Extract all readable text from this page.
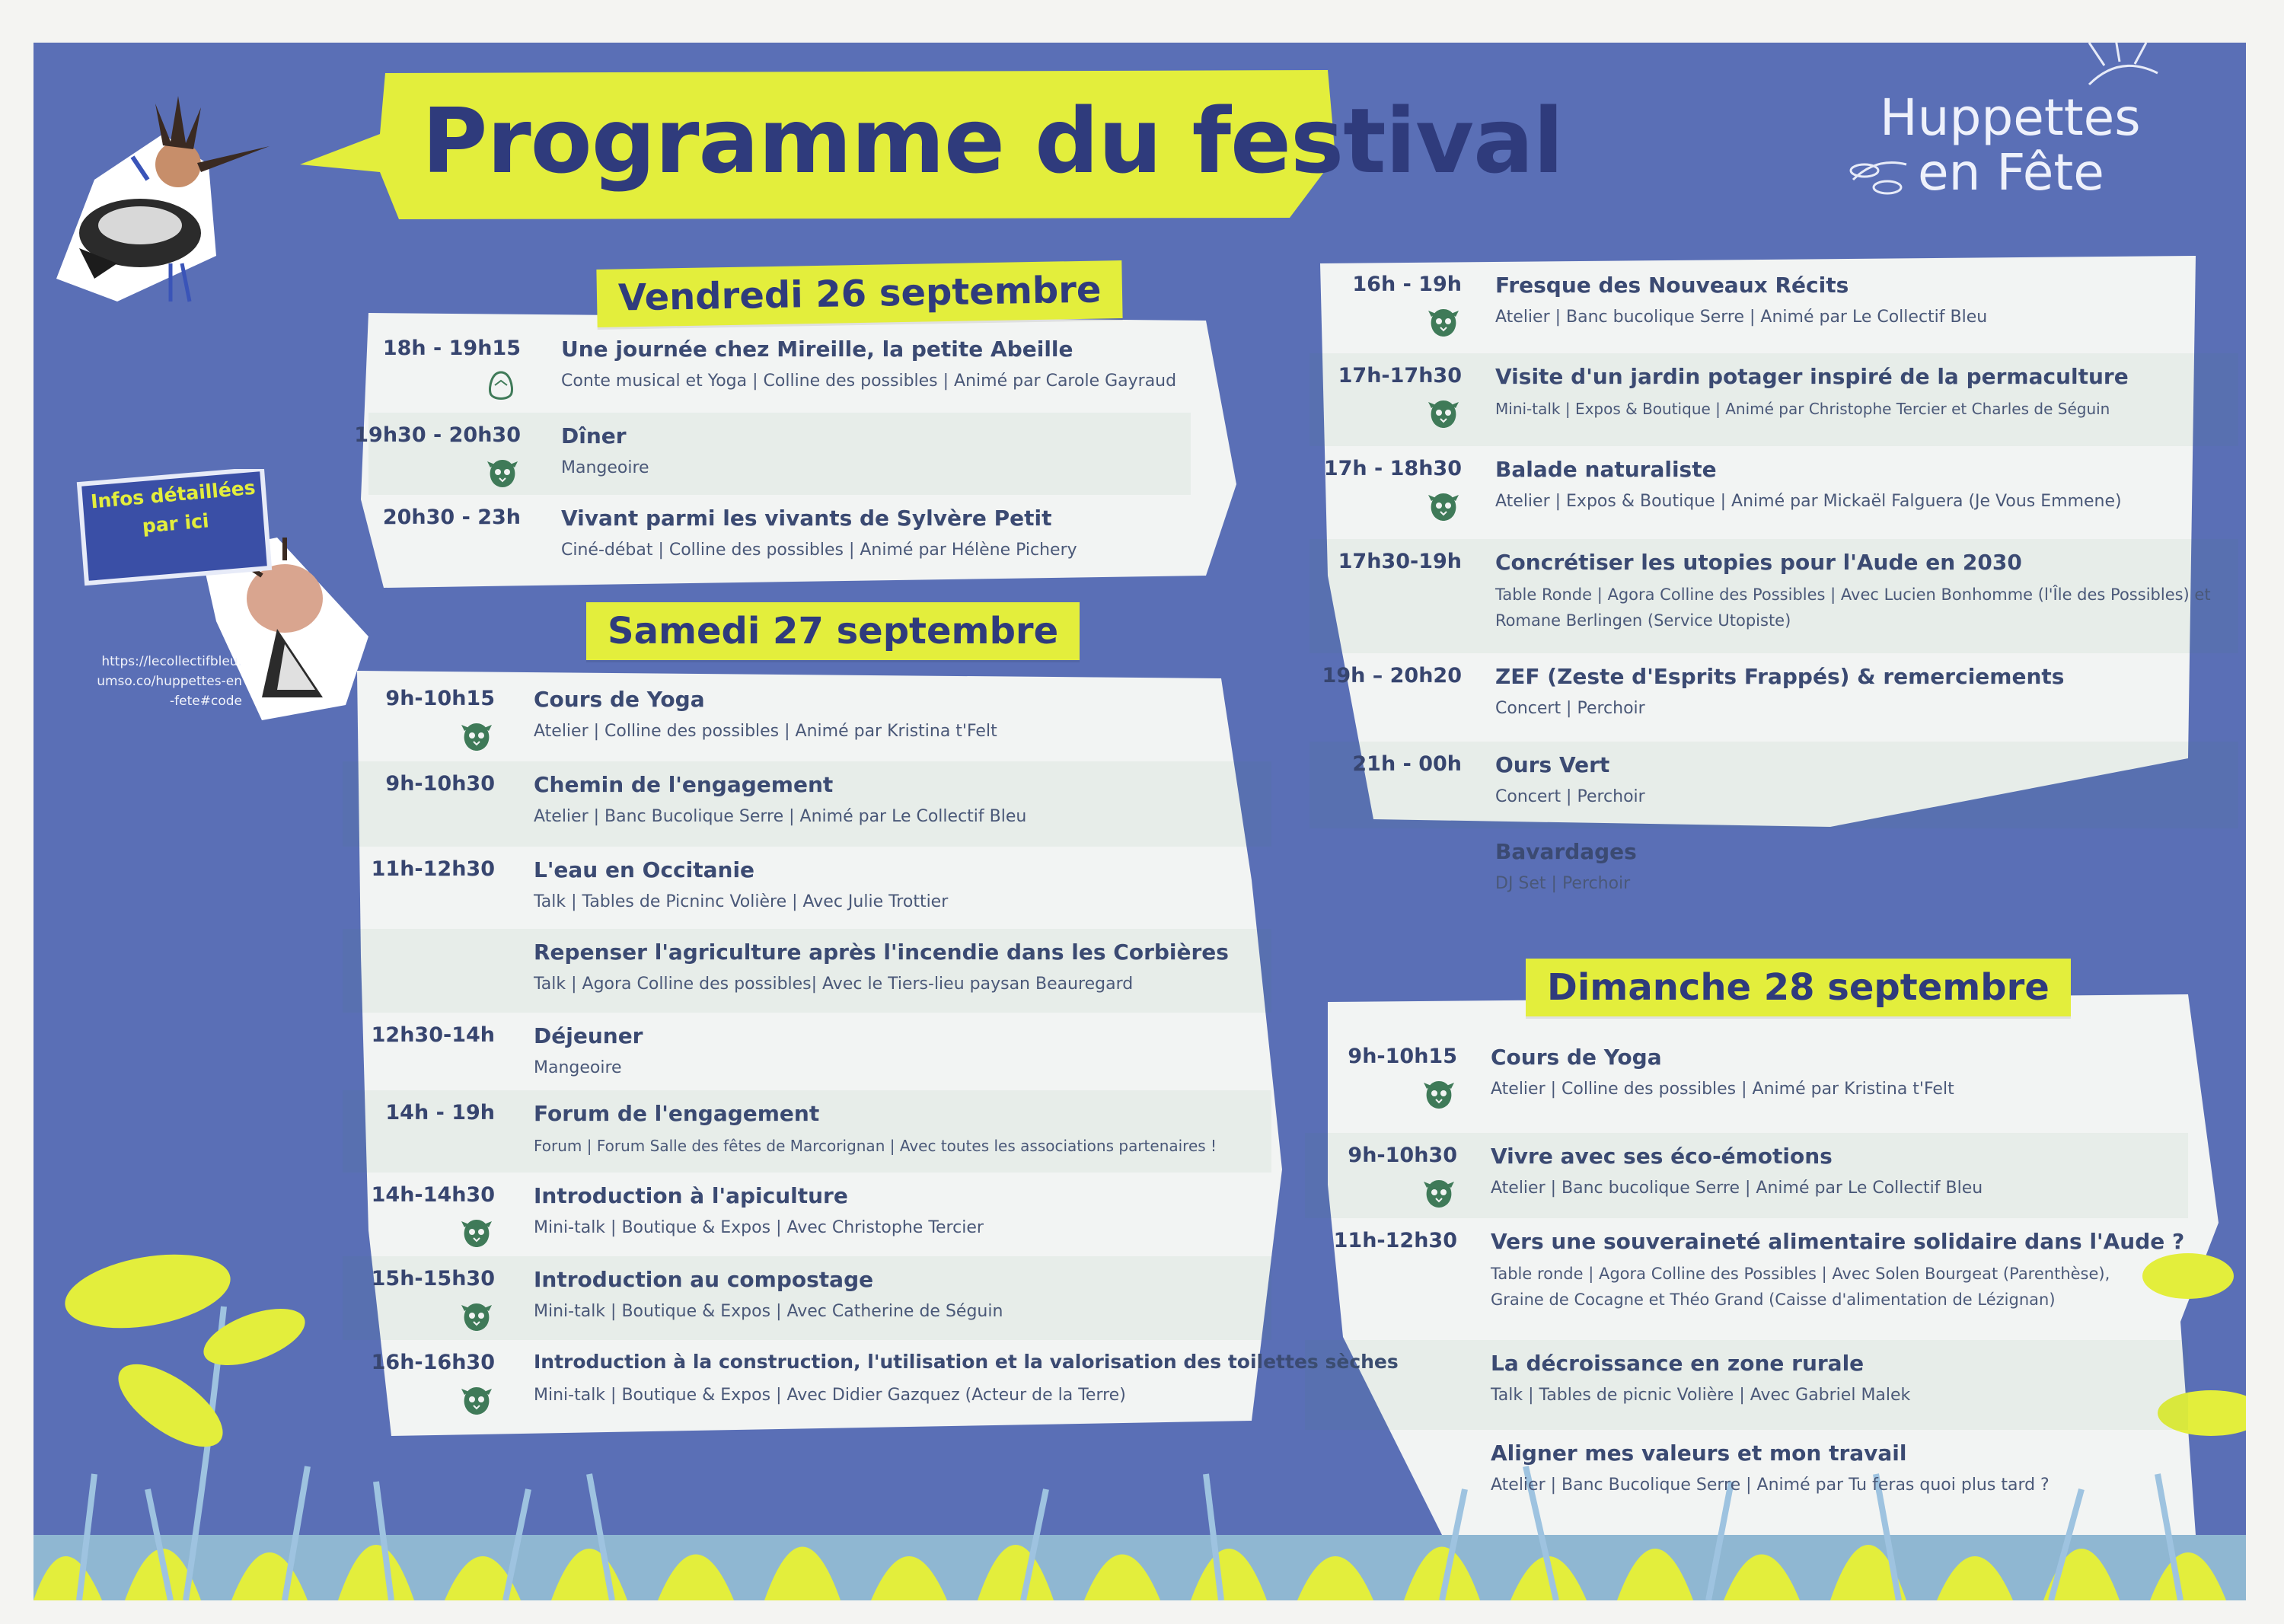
Programme du festival	Huppettes
en Fête
Infos détaillées
par ici
https://lecollectifbleu.
umso.co/huppettes-en
-fete#code
Vendredi 26 septembre
Samedi 27 septembre
Dimanche 28 septembre
18h - 19h15 Une journée chez Mireille, la petite Abeille
Conte musical et Yoga | Colline des possibles | Animé par Carole Gayraud
19h30 - 20h30 Dîner
Mangeoire
20h30 - 23h Vivant parmi les vivants de Sylvère Petit
Ciné-débat | Colline des possibles | Animé par Hélène Pichery
9h-10h15 Cours de Yoga
Atelier | Colline des possibles | Animé par Kristina t'Felt
9h-10h30 Chemin de l'engagement
Atelier | Banc Bucolique Serre | Animé par Le Collectif Bleu
11h-12h30 L'eau en Occitanie
Talk | Tables de Picninc Volière | Avec Julie Trottier
Repenser l'agriculture après l'incendie dans les Corbières
Talk | Agora Colline des possibles| Avec le Tiers-lieu paysan Beauregard
12h30-14h Déjeuner
Mangeoire
14h - 19h Forum de l'engagement
Forum | Forum Salle des fêtes de Marcorignan | Avec toutes les associations partenaires !
14h-14h30 Introduction à l'apiculture
Mini-talk | Boutique & Expos | Avec Christophe Tercier
15h-15h30 Introduction au compostage
Mini-talk | Boutique & Expos | Avec Catherine de Séguin
16h-16h30 Introduction à la construction, l'utilisation et la valorisation des toilettes sèches
Mini-talk | Boutique & Expos | Avec Didier Gazquez (Acteur de la Terre)
16h - 19h Fresque des Nouveaux Récits
Atelier | Banc bucolique Serre | Animé par Le Collectif Bleu
17h-17h30 Visite d'un jardin potager inspiré de la permaculture
Mini-talk | Expos & Boutique | Animé par Christophe Tercier et Charles de Séguin
17h - 18h30 Balade naturaliste
Atelier | Expos & Boutique | Animé par Mickaël Falguera (Je Vous Emmene)
17h30-19h Concrétiser les utopies pour l'Aude en 2030
Table Ronde | Agora Colline des Possibles | Avec Lucien Bonhomme (l'Île des Possibles) et Romane Berlingen (Service Utopiste)
19h – 20h20 ZEF (Zeste d'Esprits Frappés) & remerciements
Concert | Perchoir
21h - 00h Ours Vert
Concert | Perchoir
Bavardages
DJ Set | Perchoir
9h-10h15 Cours de Yoga
Atelier | Colline des possibles | Animé par Kristina t'Felt
9h-10h30 Vivre avec ses éco-émotions
Atelier | Banc bucolique Serre | Animé par Le Collectif Bleu
11h-12h30 Vers une souveraineté alimentaire solidaire dans l'Aude ?
Table ronde | Agora Colline des Possibles | Avec Solen Bourgeat (Parenthèse), Graine de Cocagne et Théo Grand (Caisse d'alimentation de Lézignan)
La décroissance en zone rurale
Talk | Tables de picnic Volière | Avec Gabriel Malek
Aligner mes valeurs et mon travail
Atelier | Banc Bucolique Serre | Animé par Tu feras quoi plus tard ?
